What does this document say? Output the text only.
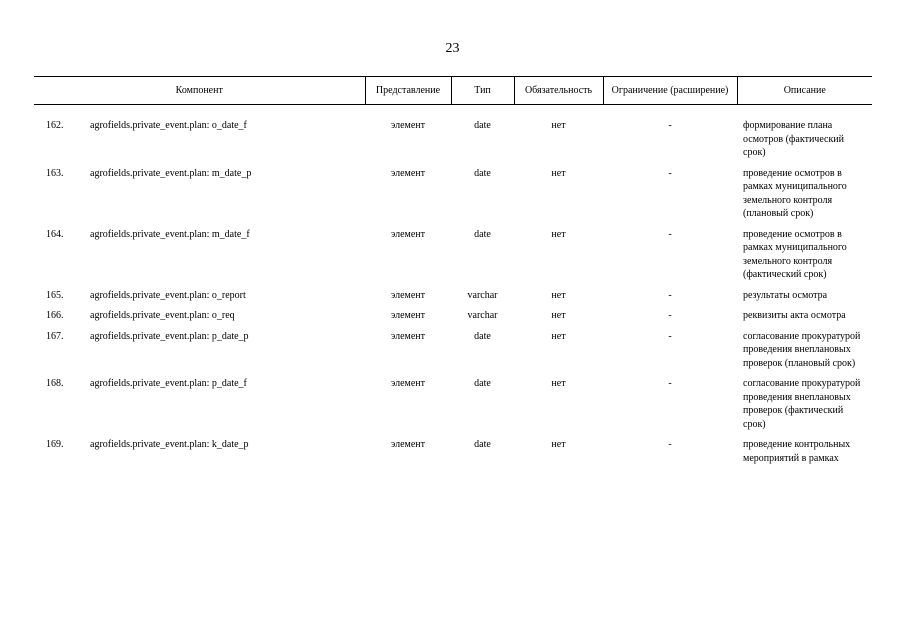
23
Компонент		Представление	Тип	Обязательность	Ограничение (расширение)	Описание

162.	agrofields.private_event.plan: o_date_f	элемент	date	нет	-	формирование плана осмотров (фактический срок)
163.	agrofields.private_event.plan: m_date_p	элемент	date	нет	-	проведение осмотров в рамках муниципального земельного контроля (плановый срок)
164.	agrofields.private_event.plan: m_date_f	элемент	date	нет	-	проведение осмотров в рамках муниципального земельного контроля (фактический срок)
165.	agrofields.private_event.plan: o_report	элемент	varchar	нет	-	результаты осмотра
166.	agrofields.private_event.plan: o_req	элемент	varchar	нет	-	реквизиты акта осмотра
167.	agrofields.private_event.plan: p_date_p	элемент	date	нет	-	согласование прокуратурой проведения внеплановых проверок (плановый срок)
168.	agrofields.private_event.plan: p_date_f	элемент	date	нет	-	согласование прокуратурой проведения внеплановых проверок (фактический срок)
169.	agrofields.private_event.plan: k_date_p	элемент	date	нет	-	проведение контрольных мероприятий в рамках
